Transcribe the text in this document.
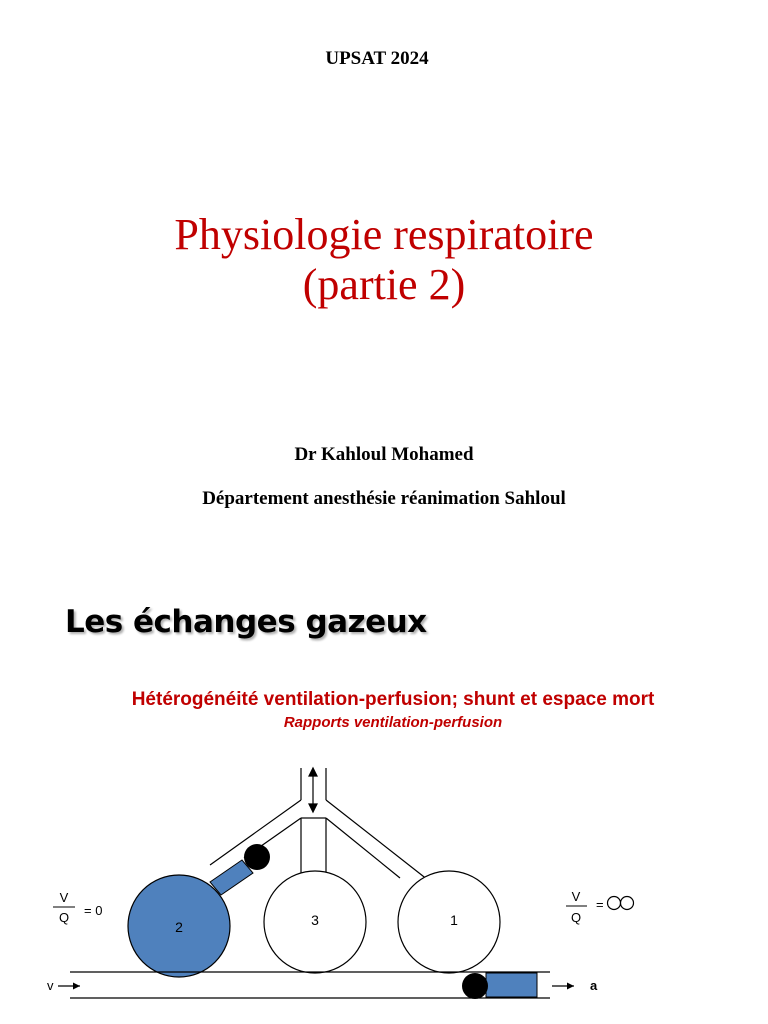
UPSAT 2024
Physiologie respiratoire
(partie 2)
Dr Kahloul Mohamed
Département anesthésie réanimation Sahloul
Les échanges gazeux
Hétérogénéité ventilation-perfusion; shunt et espace mort
Rapports ventilation-perfusion
2	3	1
v	a
V
Q = 0
V
Q
=
